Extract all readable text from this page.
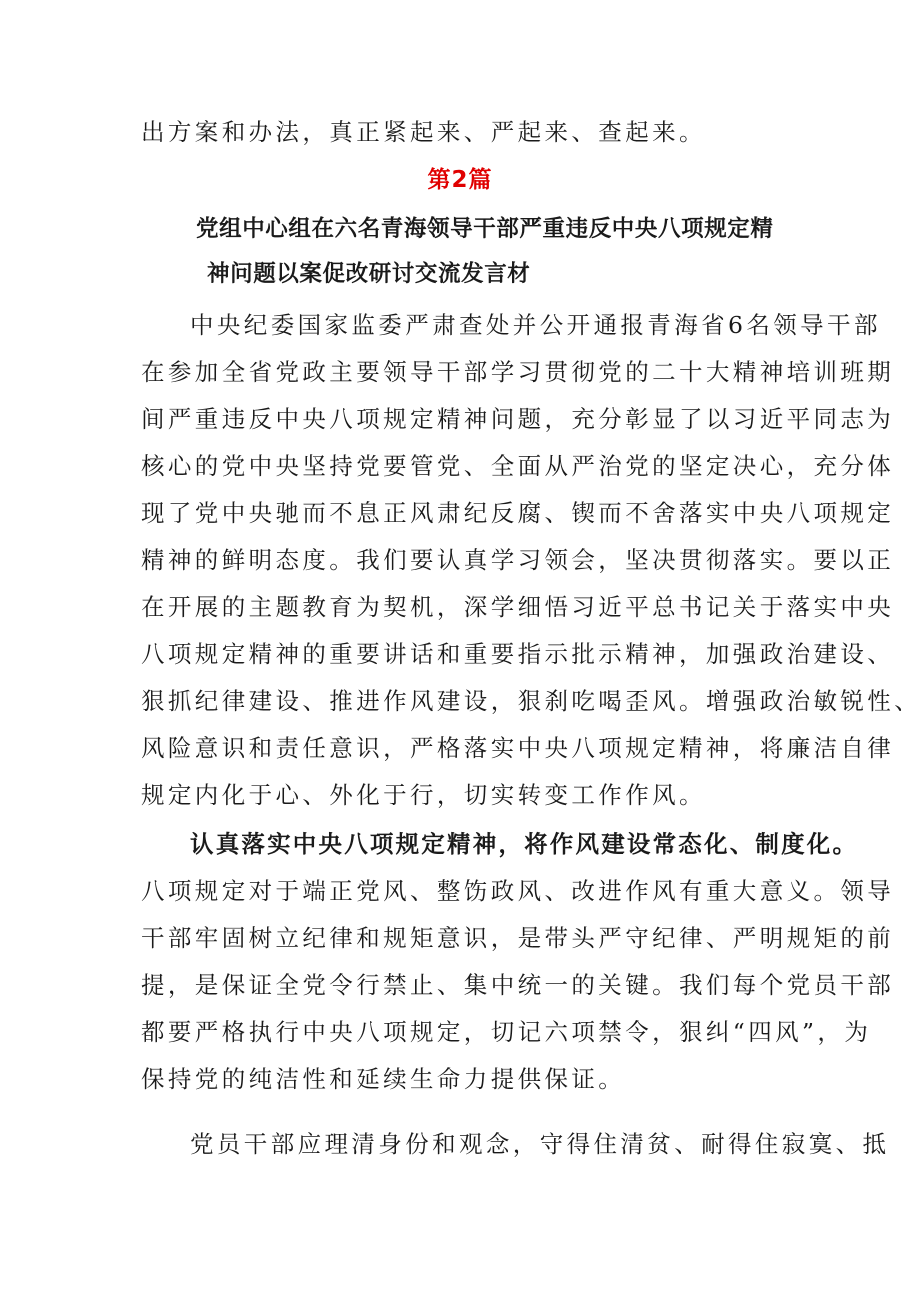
出方案和办法，真正紧起来、严起来、查起来。
第2篇
党组中心组在六名青海领导干部严重违反中央八项规定精
神问题以案促改研讨交流发言材
中央纪委国家监委严肃查处并公开通报青海省6名领导干部
在参加全省党政主要领导干部学习贯彻党的二十大精神培训班期
间严重违反中央八项规定精神问题，充分彰显了以习近平同志为
核心的党中央坚持党要管党、全面从严治党的坚定决心，充分体
现了党中央驰而不息正风肃纪反腐、锲而不舍落实中央八项规定
精神的鲜明态度。我们要认真学习领会，坚决贯彻落实。要以正
在开展的主题教育为契机，深学细悟习近平总书记关于落实中央
八项规定精神的重要讲话和重要指示批示精神，加强政治建设、
狠抓纪律建设、推进作风建设，狠刹吃喝歪风。增强政治敏锐性、
风险意识和责任意识，严格落实中央八项规定精神，将廉洁自律
规定内化于心、外化于行，切实转变工作作风。
认真落实中央八项规定精神，将作风建设常态化、制度化。
八项规定对于端正党风、整饬政风、改进作风有重大意义。领导
干部牢固树立纪律和规矩意识，是带头严守纪律、严明规矩的前
提，是保证全党令行禁止、集中统一的关键。我们每个党员干部
都要严格执行中央八项规定，切记六项禁令，狠纠“四风”，为
保持党的纯洁性和延续生命力提供保证。
党员干部应理清身份和观念，守得住清贫、耐得住寂寞、抵
